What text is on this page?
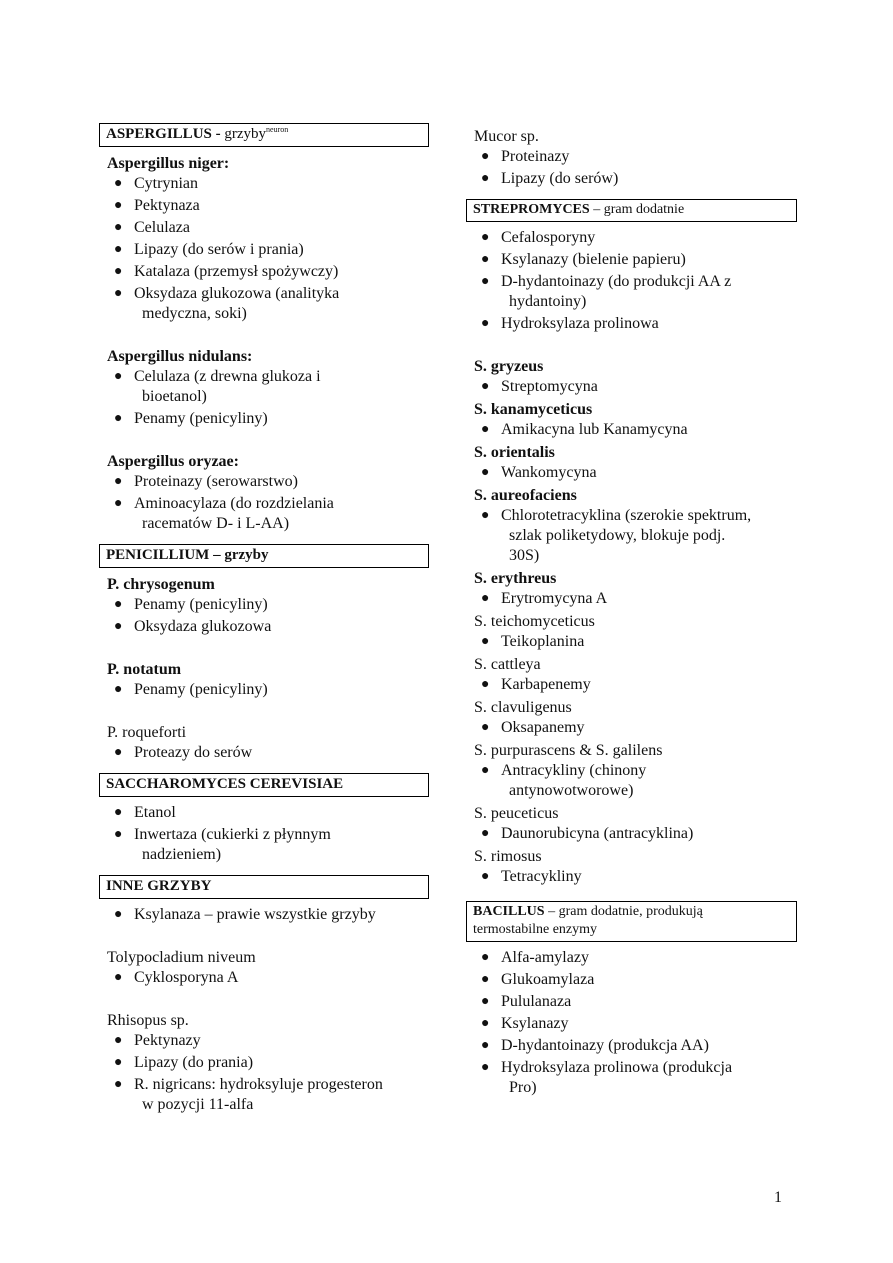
ASPERGILLUS - grzyby$^{neuron}$
Aspergillus niger:
● Cytrynian
● Pektynaza
● Celulaza
● Lipazy (do serów i prania)
● Katalaza (przemysł spożywczy)
● Oksydaza glukozowa (analityka
medyczna, soki)
Aspergillus nidulans:
● Celulaza (z drewna glukoza i
bioetanol)
● Penamy (penicyliny)
Aspergillus oryzae:
● Proteinazy (serowarstwo)
● Aminoacylaza (do rozdzielania
racematów D- i L-AA)
PENICILLIUM – grzyby
P. chrysogenum
● Penamy (penicyliny)
● Oksydaza glukozowa
P. notatum
● Penamy (penicyliny)
P. roqueforti
● Proteazy do serów
SACCHAROMYCES CEREVISIAE
● Etanol
● Inwertaza (cukierki z płynnym
nadzieniem)
INNE GRZYBY
● Ksylanaza – prawie wszystkie grzyby
Tolypocladium niveum
● Cyklosporyna A
Rhisopus sp.
● Pektynazy
● Lipazy (do prania)
● R. nigricans: hydroksyluje progesteron
w pozycji 11-alfa
Mucor sp.
● Proteinazy
● Lipazy (do serów)
STREPROMYCES – gram dodatnie
● Cefalosporyny
● Ksylanazy (bielenie papieru)
● D-hydantoinazy (do produkcji AA z
hydantoiny)
● Hydroksylaza prolinowa
S. gryzeus
● Streptomycyna
S. kanamyceticus
● Amikacyna lub Kanamycyna
S. orientalis
● Wankomycyna
S. aureofaciens
● Chlorotetracyklina (szerokie spektrum,
szlak poliketydowy, blokuje podj.
30S)
S. erythreus
● Erytromycyna A
S. teichomyceticus
● Teikoplanina
S. cattleya
● Karbapenemy
S. clavuligenus
● Oksapanemy
S. purpurascens & S. galilens
● Antracykliny (chinony
antynowotworowe)
S. peuceticus
● Daunorubicyna (antracyklina)
S. rimosus
● Tetracykliny
BACILLUS – gram dodatnie, produkują
termostabilne enzymy
● Alfa-amylazy
● Glukoamylaza
● Pululanaza
● Ksylanazy
● D-hydantoinazy (produkcja AA)
● Hydroksylaza prolinowa (produkcja
Pro)
1
